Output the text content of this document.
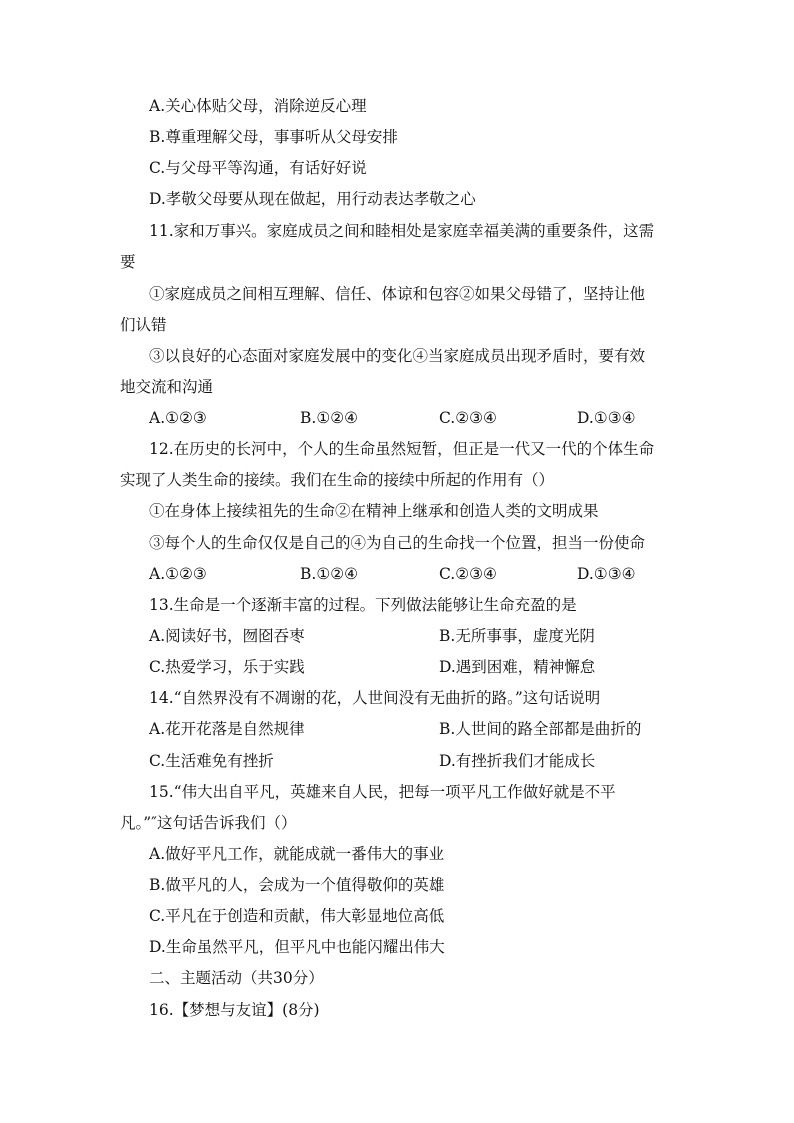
A.关心体贴父母，消除逆反心理
B.尊重理解父母，事事听从父母安排
C.与父母平等沟通，有话好好说
D.孝敬父母要从现在做起，用行动表达孝敬之心
11.家和万事兴。家庭成员之间和睦相处是家庭幸福美满的重要条件，这需
要
①家庭成员之间相互理解、信任、体谅和包容②如果父母错了，坚持让他
们认错
③以良好的心态面对家庭发展中的变化④当家庭成员出现矛盾时，要有效
地交流和沟通
A.①②③	B.①②④	C.②③④	D.①③④
12.在历史的长河中，个人的生命虽然短暂，但正是一代又一代的个体生命
实现了人类生命的接续。我们在生命的接续中所起的作用有（）
①在身体上接续祖先的生命②在精神上继承和创造人类的文明成果
③每个人的生命仅仅是自己的④为自己的生命找一个位置，担当一份使命
A.①②③	B.①②④	C.②③④	D.①③④
13.生命是一个逐渐丰富的过程。下列做法能够让生命充盈的是
A.阅读好书，囫囵吞枣	B.无所事事，虚度光阴
C.热爱学习，乐于实践	D.遇到困难，精神懈怠
14.“自然界没有不凋谢的花，人世间没有无曲折的路。”这句话说明
A.花开花落是自然规律	B.人世间的路全部都是曲折的
C.生活难免有挫折	D.有挫折我们才能成长
15.“伟大出自平凡，英雄来自人民，把每一项平凡工作做好就是不平
凡。”″这句话告诉我们（）
A.做好平凡工作，就能成就一番伟大的事业
B.做平凡的人，会成为一个值得敬仰的英雄
C.平凡在于创造和贡献，伟大彰显地位高低
D.生命虽然平凡，但平凡中也能闪耀出伟大
二、主题活动（共30分）
16.【梦想与友谊】(8分)
